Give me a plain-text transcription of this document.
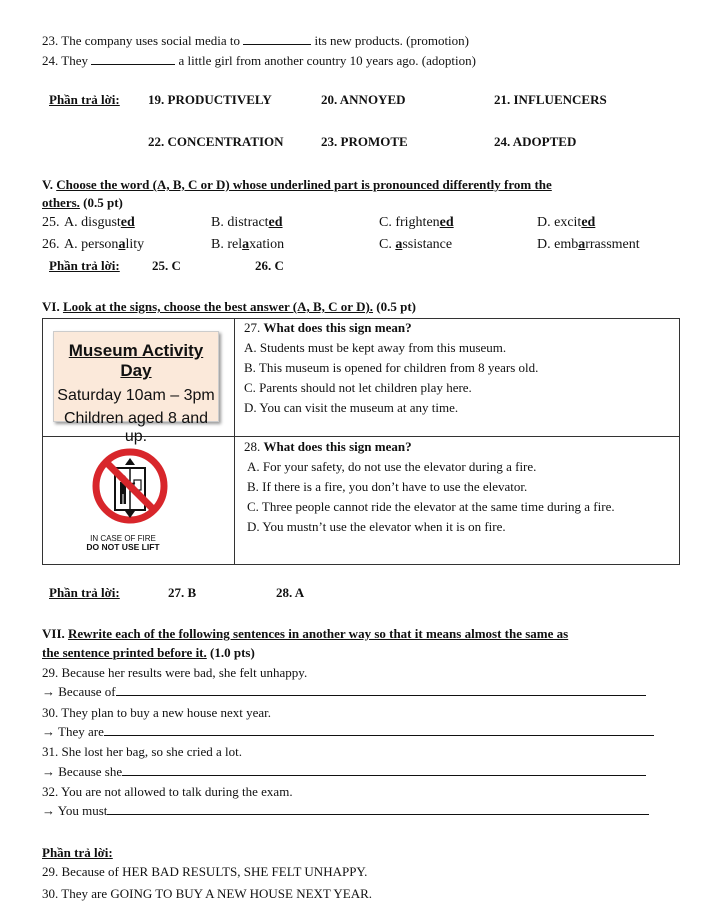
23. The company uses social media to	its new products. (promotion)
24. They	a little girl from another country 10 years ago. (adoption)
Phần trả lời: 19. PRODUCTIVELY	20. ANNOYED	21. INFLUENCERS
22. CONCENTRATION	23. PROMOTE	24. ADOPTED
V. Choose the word (A, B, C or D) whose underlined part is pronounced differently from the
others. (0.5 pt)
25. A. disgusted	B. distracted	C. frightened	D. excited
26. A. personality	B. relaxation	C. assistance	D. embarrassment
Phần trả lời: 25. C	26. C
VI. Look at the signs, choose the best answer (A, B, C or D). (0.5 pt)

Museum Activity Day
Saturday 10am – 3pm
Children aged 8 and up.
IN CASE OF FIRE
DO NOT USE LIFT
27. What does this sign mean?
A. Students must be kept away from this museum.
B. This museum is opened for children from 8 years old.
C. Parents should not let children play here.
D. You can visit the museum at any time.
28. What does this sign mean?
A. For your safety, do not use the elevator during a fire.
B. If there is a fire, you don’t have to use the elevator.
C. Three people cannot ride the elevator at the same time during a fire.
D. You mustn’t use the elevator when it is on fire.
Phần trả lời:	27. B	28. A
VII. Rewrite each of the following sentences in another way so that it means almost the same as
the sentence printed before it. (1.0 pts)
29. Because her results were bad, she felt unhappy.
→ Because of
30. They plan to buy a new house next year.
→ They are
31. She lost her bag, so she cried a lot.
→ Because she
32. You are not allowed to talk during the exam.
→ You must
Phần trả lời:
29. Because of HER BAD RESULTS, SHE FELT UNHAPPY.
30. They are GOING TO BUY A NEW HOUSE NEXT YEAR.
